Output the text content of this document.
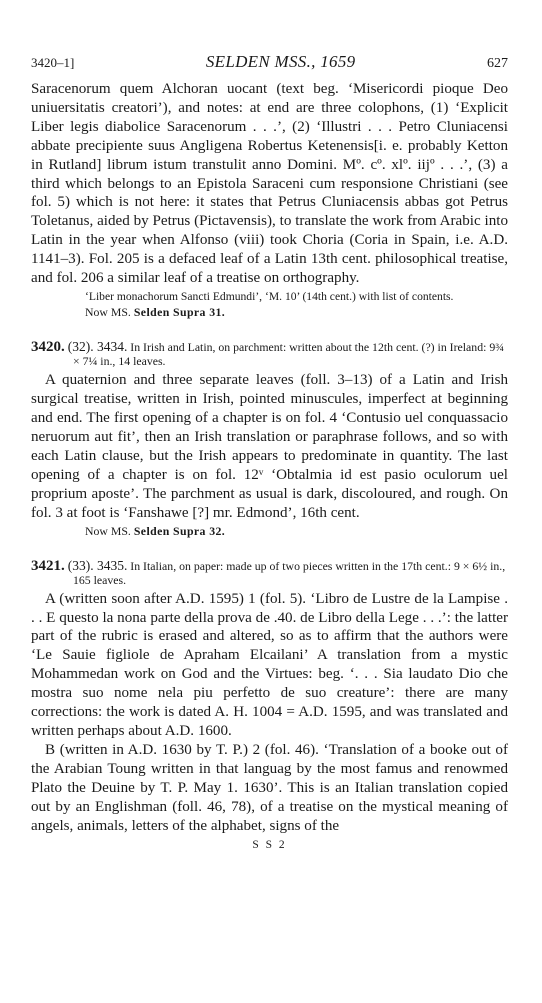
3420–1]	SELDEN MSS., 1659	627

Saracenorum quem Alchoran uocant (text beg. ‘Misericordi pioque Deo uniuersitatis creatori’), and notes: at end are three colophons, (1) ‘Explicit Liber legis diabolice Saracenorum . . .’, (2) ‘Illustri . . . Petro Cluniacensi abbate precipiente suus Angligena Robertus Ketenensis[i. e. probably Ketton in Rutland] librum istum transtulit anno Domini. Mº. cº. xlº. iijº . . .’, (3) a third which belongs to an Epistola Saraceni cum responsione Christiani (see fol. 5) which is not here: it states that Petrus Cluniacensis abbas got Petrus Toletanus, aided by Petrus (Pictavensis), to translate the work from Arabic into Latin in the year when Alfonso (viii) took Choria (Coria in Spain, i.e. A.D. 1141–3). Fol. 205 is a defaced leaf of a Latin 13th cent. philosophical treatise, and fol. 206 a similar leaf of a treatise on orthography.

‘Liber monachorum Sancti Edmundi’, ‘M. 10’ (14th cent.) with list of contents.
Now MS. Selden Supra 31.
3420. (32). 3434. In Irish and Latin, on parchment: written about the 12th cent. (?) in Ireland: 9¾ × 7¼ in., 14 leaves.

A quaternion and three separate leaves (foll. 3–13) of a Latin and Irish surgical treatise, written in Irish, pointed minuscules, imperfect at beginning and end. The first opening of a chapter is on fol. 4 ‘Contusio uel conquassacio neruorum aut fit’, then an Irish translation or paraphrase follows, and so with each Latin clause, but the Irish appears to predominate in quantity. The last opening of a chapter is on fol. 12ᵛ ‘Obtalmia id est pasio oculorum uel proprium aposte’. The parchment as usual is dark, discoloured, and rough. On fol. 3 at foot is ‘Fanshawe [?] mr. Edmond’, 16th cent.

Now MS. Selden Supra 32.
3421. (33). 3435. In Italian, on paper: made up of two pieces written in the 17th cent.: 9 × 6½ in., 165 leaves.

A (written soon after A.D. 1595) 1 (fol. 5). ‘Libro de Lustre de la Lampise . . . E questo la nona parte della prova de .40. de Libro della Lege . . .’: the latter part of the rubric is erased and altered, so as to affirm that the authors were ‘Le Sauie figliole de Apraham Elcailani’ A translation from a mystic Mohammedan work on God and the Virtues: beg. ‘. . . Sia laudato Dio che mostra suo nome nela piu perfetto de suo creature’: there are many corrections: the work is dated A. H. 1004 = A.D. 1595, and was translated and written perhaps about A.D. 1600.

B (written in A.D. 1630 by T. P.) 2 (fol. 46). ‘Translation of a booke out of the Arabian Toung written in that languag by the most famus and renowmed Plato the Deuine by T. P. May 1. 1630’. This is an Italian translation copied out by an Englishman (foll. 46, 78), of a treatise on the mystical meaning of angels, animals, letters of the alphabet, signs of the

S S 2
